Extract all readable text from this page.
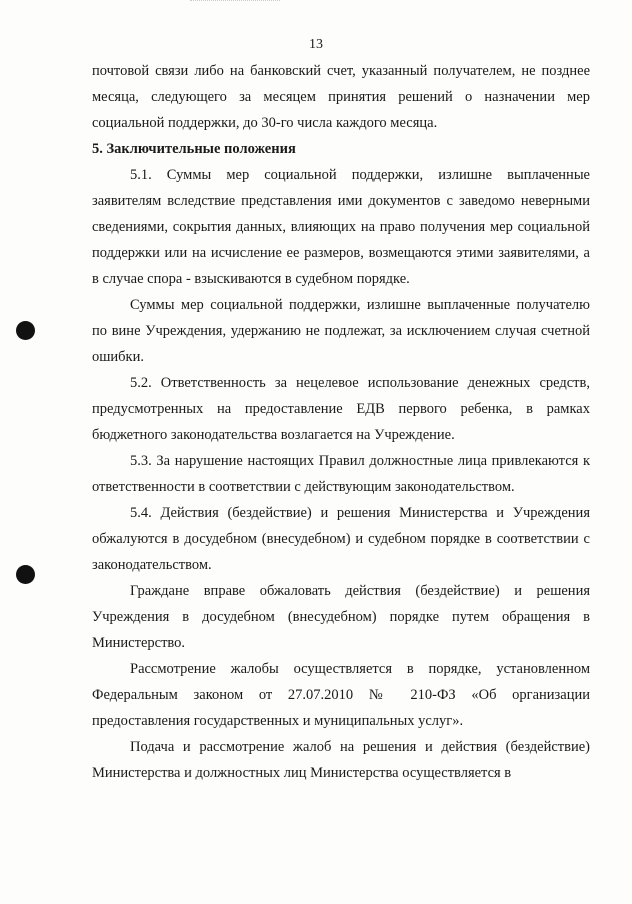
13

почтовой связи либо на банковский счет, указанный получателем, не позднее месяца, следующего за месяцем принятия решений о назначении мер социальной поддержки, до 30-го числа каждого месяца.

5. Заключительные положения

5.1. Суммы мер социальной поддержки, излишне выплаченные заявителям вследствие представления ими документов с заведомо неверными сведениями, сокрытия данных, влияющих на право получения мер социальной поддержки или на исчисление ее размеров, возмещаются этими заявителями, а в случае спора - взыскиваются в судебном порядке.

Суммы мер социальной поддержки, излишне выплаченные получателю по вине Учреждения, удержанию не подлежат, за исключением случая счетной ошибки.

5.2. Ответственность за нецелевое использование денежных средств, предусмотренных на предоставление ЕДВ первого ребенка, в рамках бюджетного законодательства возлагается на Учреждение.

5.3. За нарушение настоящих Правил должностные лица привлекаются к ответственности в соответствии с действующим законодательством.

5.4. Действия (бездействие) и решения Министерства и Учреждения обжалуются в досудебном (внесудебном) и судебном порядке в соответствии с законодательством.

Граждане вправе обжаловать действия (бездействие) и решения Учреждения в досудебном (внесудебном) порядке путем обращения в Министерство.

Рассмотрение жалобы осуществляется в порядке, установленном Федеральным законом от 27.07.2010 № 210-ФЗ «Об организации предоставления государственных и муниципальных услуг».

Подача и рассмотрение жалоб на решения и действия (бездействие) Министерства и должностных лиц Министерства осуществляется в
